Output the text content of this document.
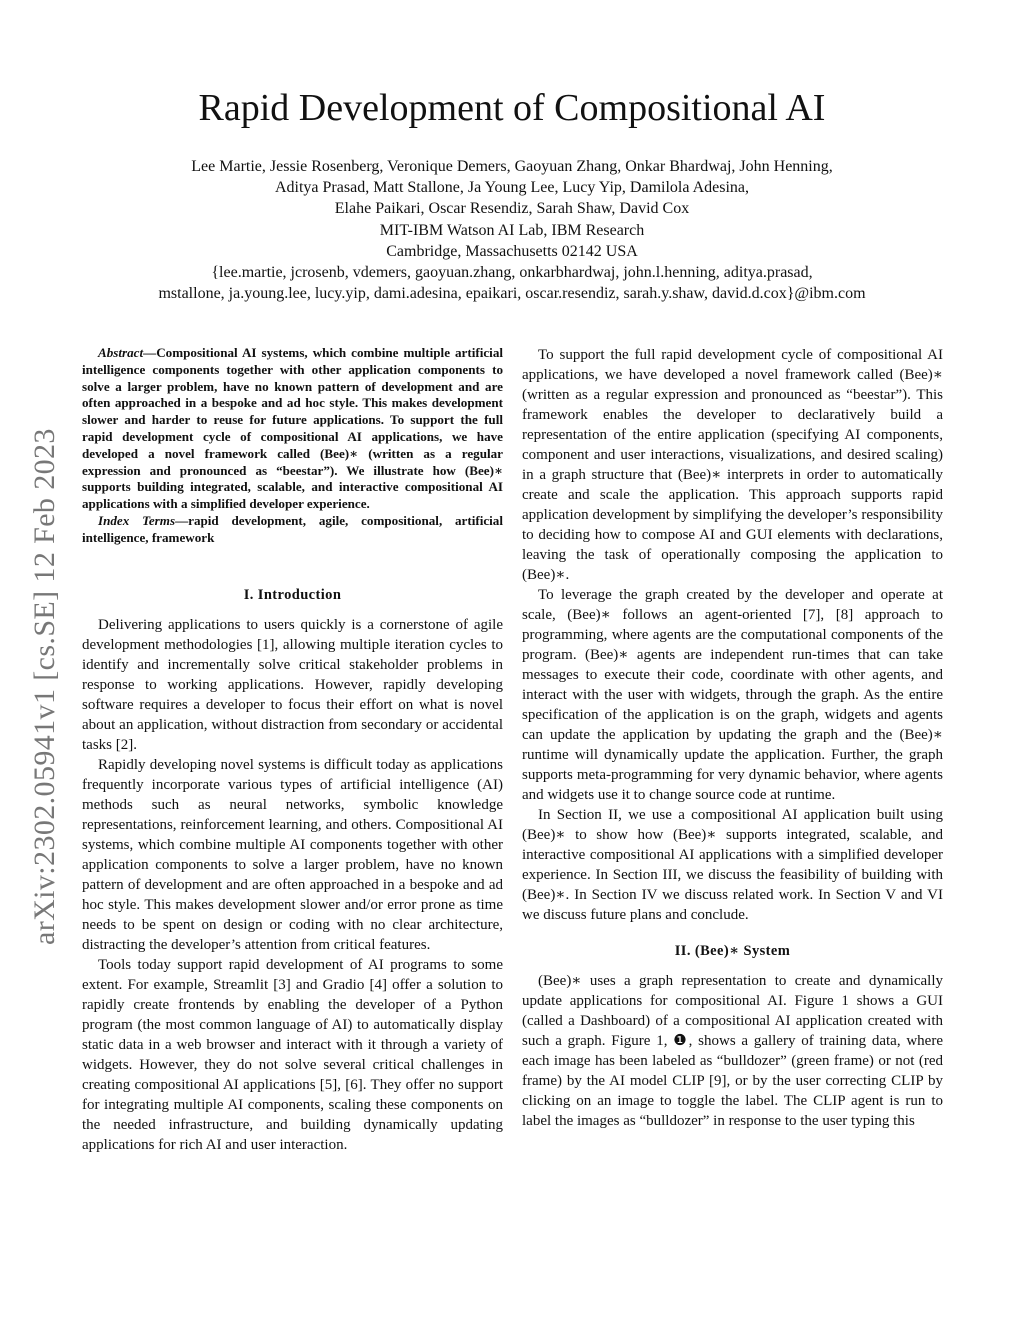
arXiv:2302.05941v1 [cs.SE] 12 Feb 2023
Rapid Development of Compositional AI
Lee Martie, Jessie Rosenberg, Veronique Demers, Gaoyuan Zhang, Onkar Bhardwaj, John Henning,
Aditya Prasad, Matt Stallone, Ja Young Lee, Lucy Yip, Damilola Adesina,
Elahe Paikari, Oscar Resendiz, Sarah Shaw, David Cox
MIT-IBM Watson AI Lab, IBM Research
Cambridge, Massachusetts 02142 USA
{lee.martie, jcrosenb, vdemers, gaoyuan.zhang, onkarbhardwaj, john.l.henning, aditya.prasad,
mstallone, ja.young.lee, lucy.yip, dami.adesina, epaikari, oscar.resendiz, sarah.y.shaw, david.d.cox}@ibm.com

Abstract—Compositional AI systems, which combine multiple artificial intelligence components together with other application components to solve a larger problem, have no known pattern of development and are often approached in a bespoke and ad hoc style. This makes development slower and harder to reuse for future applications. To support the full rapid development cycle of compositional AI applications, we have developed a novel framework called (Bee)∗ (written as a regular expression and pronounced as “beestar”). We illustrate how (Bee)∗ supports building integrated, scalable, and interactive compositional AI applications with a simplified developer experience.

Index Terms—rapid development, agile, compositional, artificial intelligence, framework

I. Introduction

Delivering applications to users quickly is a cornerstone of agile development methodologies [1], allowing multiple iteration cycles to identify and incrementally solve critical stakeholder problems in response to working applications. However, rapidly developing software requires a developer to focus their effort on what is novel about an application, without distraction from secondary or accidental tasks [2].

Rapidly developing novel systems is difficult today as applications frequently incorporate various types of artificial intelligence (AI) methods such as neural networks, symbolic knowledge representations, reinforcement learning, and others. Compositional AI systems, which combine multiple AI components together with other application components to solve a larger problem, have no known pattern of development and are often approached in a bespoke and ad hoc style. This makes development slower and/or error prone as time needs to be spent on design or coding with no clear architecture, distracting the developer’s attention from critical features.

Tools today support rapid development of AI programs to some extent. For example, Streamlit [3] and Gradio [4] offer a solution to rapidly create frontends by enabling the developer of a Python program (the most common language of AI) to automatically display static data in a web browser and interact with it through a variety of widgets. However, they do not solve several critical challenges in creating compositional AI applications [5], [6]. They offer no support for integrating multiple AI components, scaling these components on the needed infrastructure, and building dynamically updating applications for rich AI and user interaction.

To support the full rapid development cycle of compositional AI applications, we have developed a novel framework called (Bee)∗ (written as a regular expression and pronounced as “beestar”). This framework enables the developer to declaratively build a representation of the entire application (specifying AI components, component and user interactions, visualizations, and desired scaling) in a graph structure that (Bee)∗ interprets in order to automatically create and scale the application. This approach supports rapid application development by simplifying the developer’s responsibility to deciding how to compose AI and GUI elements with declarations, leaving the task of operationally composing the application to (Bee)∗.

To leverage the graph created by the developer and operate at scale, (Bee)∗ follows an agent-oriented [7], [8] approach to programming, where agents are the computational components of the program. (Bee)∗ agents are independent run-times that can take messages to execute their code, coordinate with other agents, and interact with the user with widgets, through the graph. As the entire specification of the application is on the graph, widgets and agents can update the application by updating the graph and the (Bee)∗ runtime will dynamically update the application. Further, the graph supports meta-programming for very dynamic behavior, where agents and widgets use it to change source code at runtime.

In Section II, we use a compositional AI application built using (Bee)∗ to show how (Bee)∗ supports integrated, scalable, and interactive compositional AI applications with a simplified developer experience. In Section III, we discuss the feasibility of building with (Bee)∗. In Section IV we discuss related work. In Section V and VI we discuss future plans and conclude.

II. (Bee)∗ System

(Bee)∗ uses a graph representation to create and dynamically update applications for compositional AI. Figure 1 shows a GUI (called a Dashboard) of a compositional AI application created with such a graph. Figure 1, ❶, shows a gallery of training data, where each image has been labeled as “bulldozer” (green frame) or not (red frame) by the AI model CLIP [9], or by the user correcting CLIP by clicking on an image to toggle the label. The CLIP agent is run to label the images as “bulldozer” in response to the user typing this
